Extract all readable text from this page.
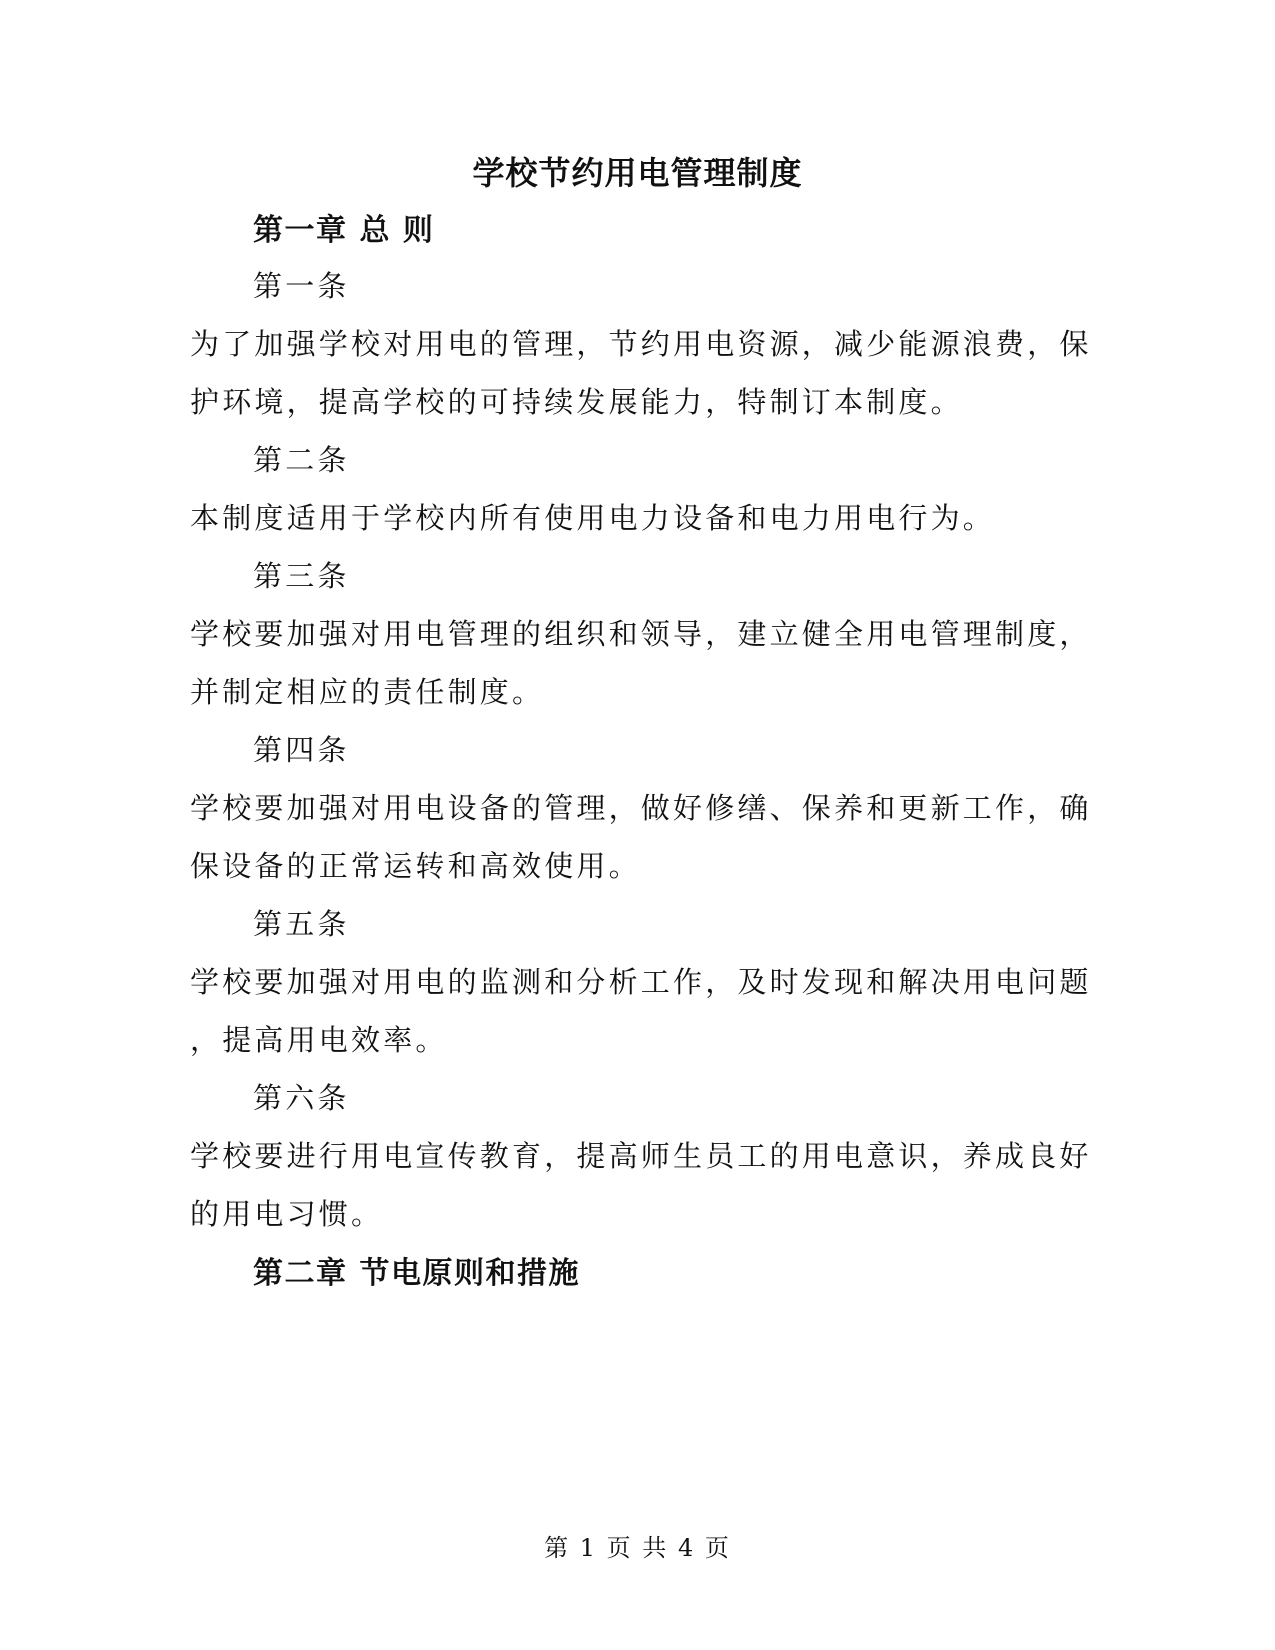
学校节约用电管理制度
第一章 总 则
第一条
为了加强学校对用电的管理，节约用电资源，减少能源浪费，保
护环境，提高学校的可持续发展能力，特制订本制度。
第二条
本制度适用于学校内所有使用电力设备和电力用电行为。
第三条
学校要加强对用电管理的组织和领导，建立健全用电管理制度，
并制定相应的责任制度。
第四条
学校要加强对用电设备的管理，做好修缮、保养和更新工作，确
保设备的正常运转和高效使用。
第五条
学校要加强对用电的监测和分析工作，及时发现和解决用电问题
，提高用电效率。
第六条
学校要进行用电宣传教育，提高师生员工的用电意识，养成良好
的用电习惯。
第二章 节电原则和措施
第 1 页 共 4 页
